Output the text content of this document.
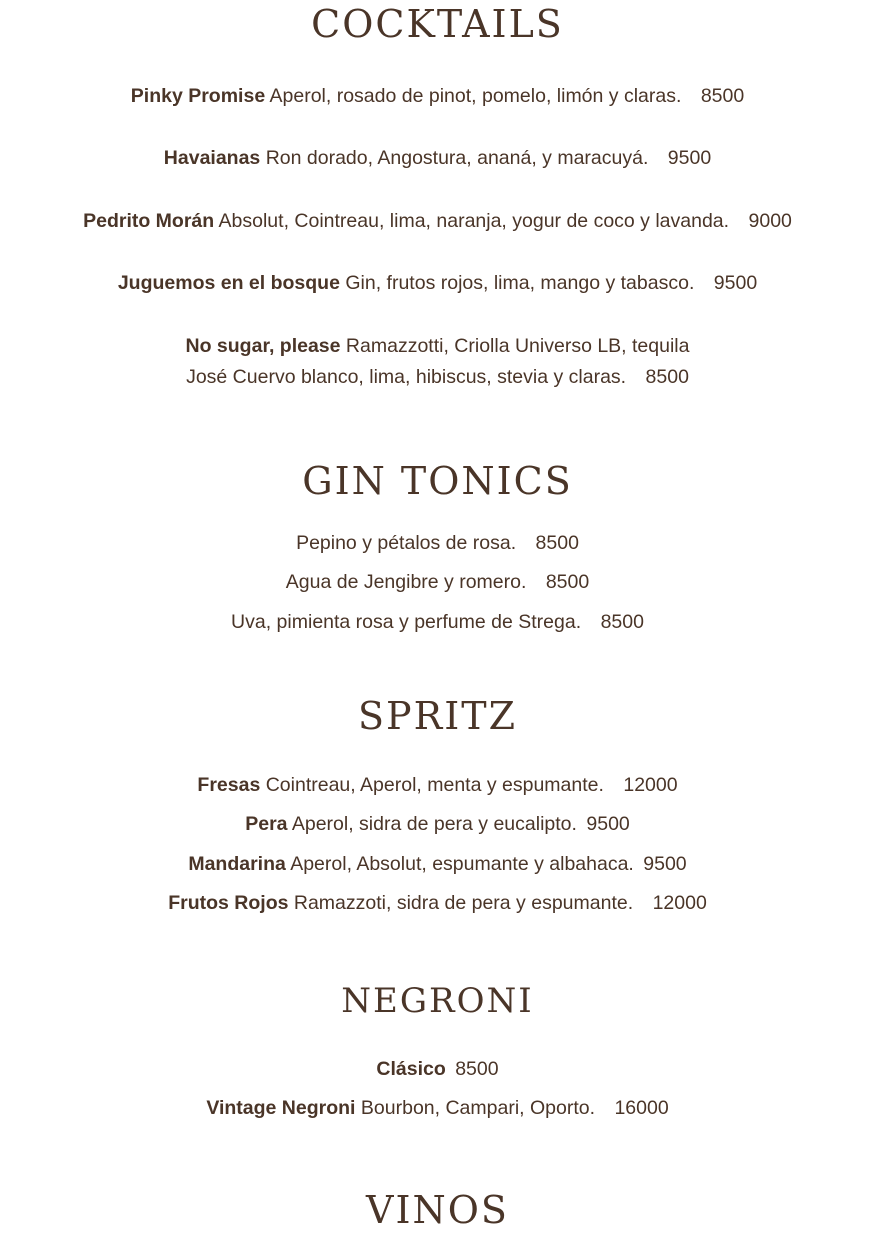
COCKTAILS
Pinky Promise Aperol, rosado de pinot, pomelo, limón y claras. 8500
Havaianas Ron dorado, Angostura, ananá, y maracuyá. 9500
Pedrito Morán Absolut, Cointreau, lima, naranja, yogur de coco y lavanda. 9000
Juguemos en el bosque Gin, frutos rojos, lima, mango y tabasco. 9500
No sugar, please Ramazzotti, Criolla Universo LB, tequila
José Cuervo blanco, lima, hibiscus, stevia y claras. 8500
GIN TONICS
Pepino y pétalos de rosa. 8500
Agua de Jengibre y romero. 8500
Uva, pimienta rosa y perfume de Strega. 8500
SPRITZ
Fresas Cointreau, Aperol, menta y espumante. 12000
Pera Aperol, sidra de pera y eucalipto. 9500
Mandarina Aperol, Absolut, espumante y albahaca. 9500
Frutos Rojos Ramazzoti, sidra de pera y espumante. 12000
NEGRONI
Clásico 8500
Vintage Negroni Bourbon, Campari, Oporto. 16000
VINOS
